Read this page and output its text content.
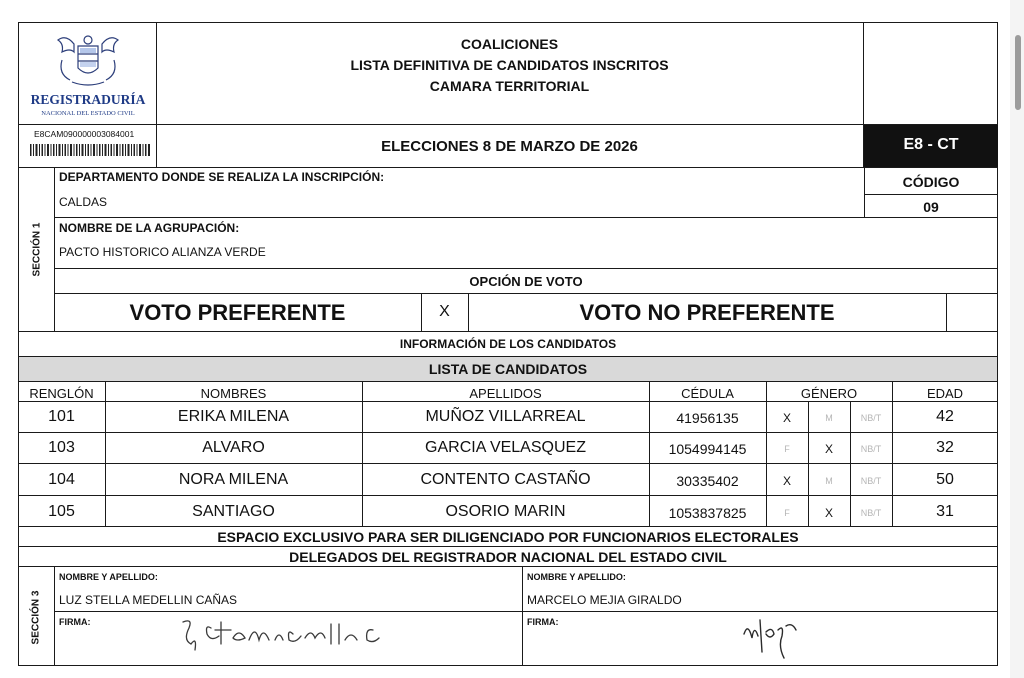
REGISTRADURÍA
NACIONAL DEL ESTADO CIVIL
COALICIONES
LISTA DEFINITIVA DE CANDIDATOS INSCRITOS
CAMARA TERRITORIAL
E8CAM090000003084001
ELECCIONES 8 DE MARZO DE 2026	E8 - CT
SECCIÓN 1
DEPARTAMENTO DONDE SE REALIZA LA INSCRIPCIÓN:
CALDAS
CÓDIGO
09
NOMBRE DE LA AGRUPACIÓN:
PACTO HISTORICO ALIANZA VERDE
OPCIÓN DE VOTO
VOTO PREFERENTE	X	VOTO NO PREFERENTE
INFORMACIÓN DE LOS CANDIDATOS
LISTA DE CANDIDATOS
RENGLÓN	NOMBRES	APELLIDOS	CÉDULA	GÉNERO	EDAD
101	ERIKA MILENA	MUÑOZ VILLARREAL	41956135	X	M	NB/T	42
103	ALVARO	GARCIA VELASQUEZ	1054994145	F	X	NB/T	32
104	NORA MILENA	CONTENTO CASTAÑO	30335402	X	M	NB/T	50
105	SANTIAGO	OSORIO MARIN	1053837825	F	X	NB/T	31
ESPACIO EXCLUSIVO PARA SER DILIGENCIADO POR FUNCIONARIOS ELECTORALES
DELEGADOS DEL REGISTRADOR NACIONAL DEL ESTADO CIVIL
SECCIÓN 3
NOMBRE Y APELLIDO:
LUZ STELLA MEDELLIN CAÑAS
NOMBRE Y APELLIDO:
MARCELO MEJIA GIRALDO
FIRMA:	FIRMA:
